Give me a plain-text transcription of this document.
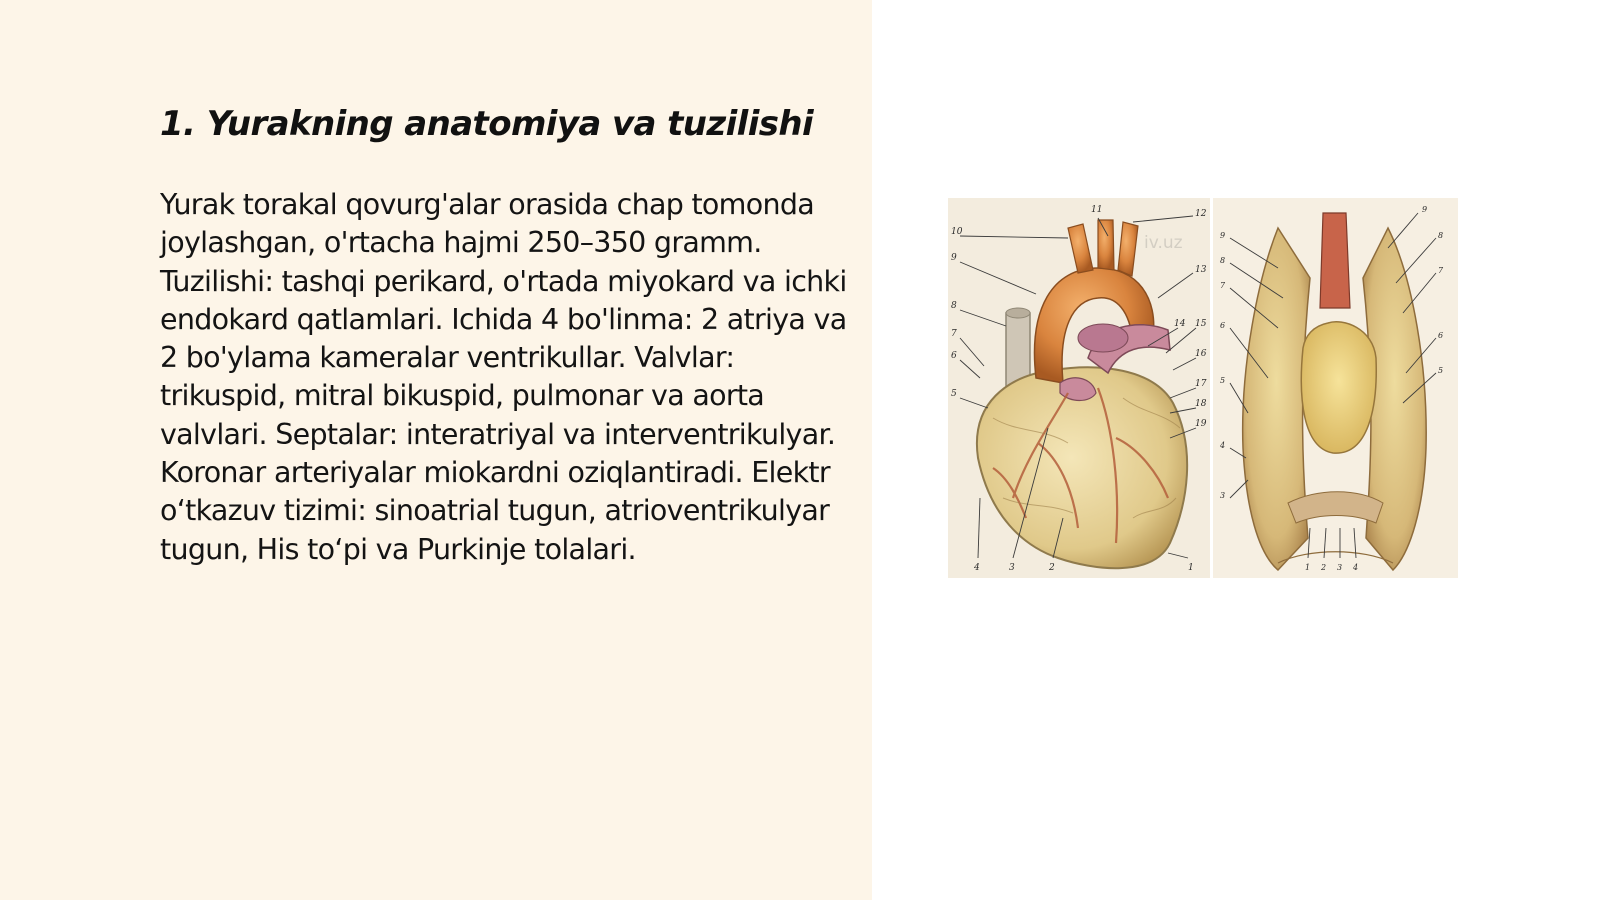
1. Yurakning anatomiya va tuzilishi

Yurak torakal qovurg'alar orasida chap tomonda joylashgan, o'rtacha hajmi 250–350 gramm. Tuzilishi: tashqi perikard, o'rtada miyokard va ichki endokard qatlamlari. Ichida 4 bo'linma: 2 atriya va 2 bo'ylama kameralar ventrikullar. Valvlar: trikuspid, mitral bikuspid, pulmonar va aorta valvlari. Septalar: interatriyal va interventrikulyar. Koronar arteriyalar miokardni oziqlantiradi. Elektr o‘tkazuv tizimi: sinoatrial tugun, atrioventrikulyar tugun, His to‘pi va Purkinje tolalari.

10
9
8
7
6
5
11	12
13
14 15
16
17
18
19
4	3	2	1
9
8
7
6
5
4
3
9
8
7
6
5
1 2 3 4
iv.uz
